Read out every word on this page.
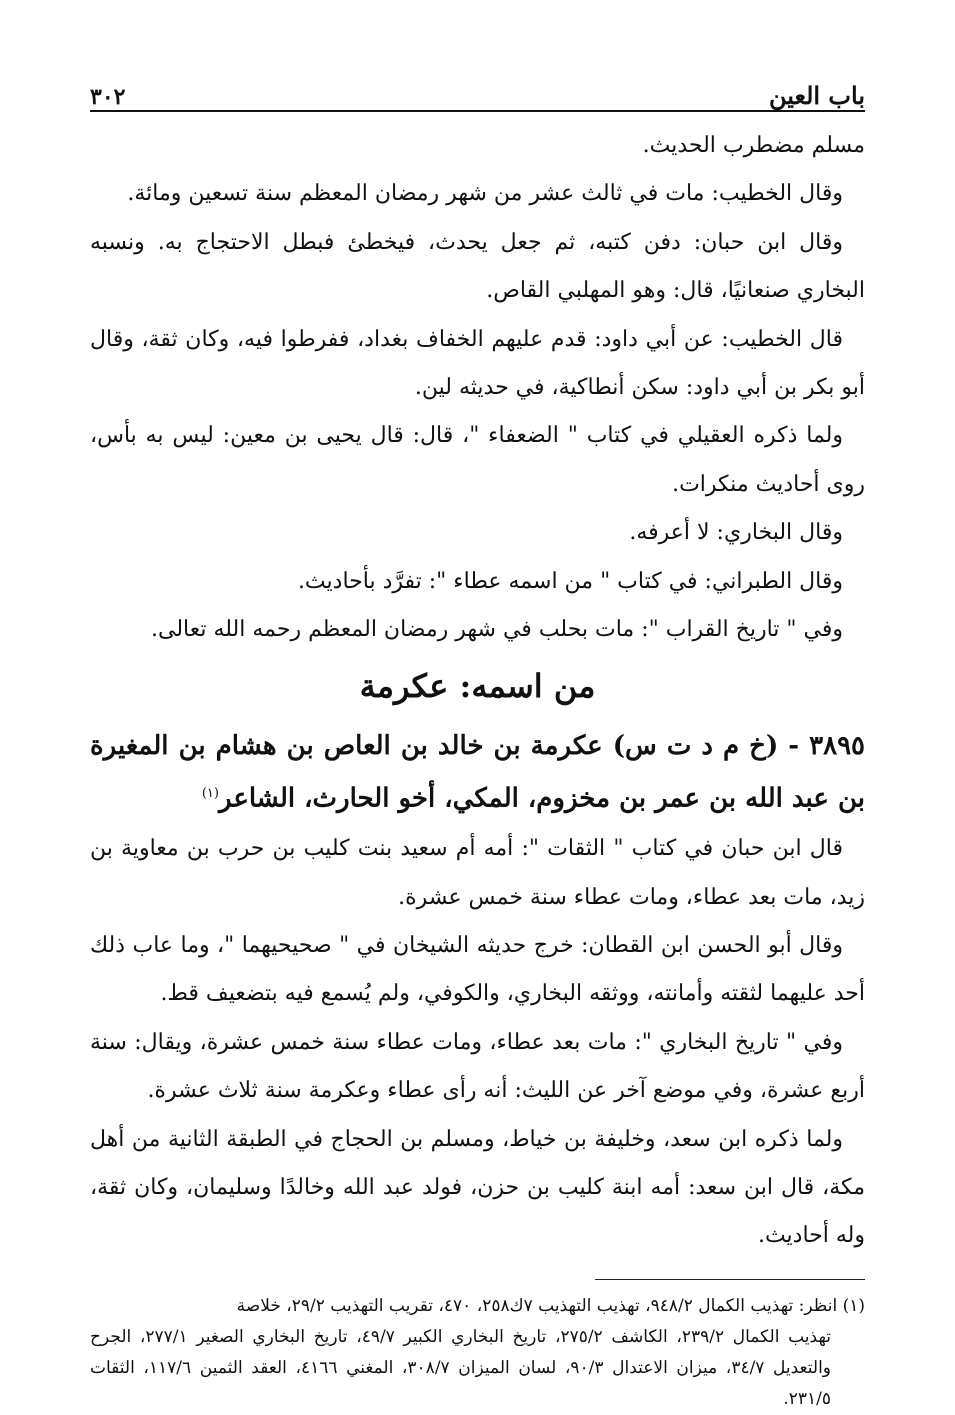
باب العين
٣٠٢

مسلم مضطرب الحديث.

وقال الخطيب: مات في ثالث عشر من شهر رمضان المعظم سنة تسعين ومائة.

وقال ابن حبان: دفن كتبه، ثم جعل يحدث، فيخطئ فبطل الاحتجاج به. ونسبه البخاري صنعانيًا، قال: وهو المهلبي القاص.

قال الخطيب: عن أبي داود: قدم عليهم الخفاف بغداد، ففرطوا فيه، وكان ثقة، وقال أبو بكر بن أبي داود: سكن أنطاكية، في حديثه لين.

ولما ذكره العقيلي في كتاب " الضعفاء "، قال: قال يحيى بن معين: ليس به بأس، روى أحاديث منكرات.

وقال البخاري: لا أعرفه.

وقال الطبراني: في كتاب " من اسمه عطاء ": تفرَّد بأحاديث.

وفي " تاريخ القراب ": مات بحلب في شهر رمضان المعظم رحمه الله تعالى.

من اسمه: عكرمة
٣٨٩٥ - (خ م د ت س) عكرمة بن خالد بن العاص بن هشام بن المغيرة بن عبد الله بن عمر بن مخزوم، المكي، أخو الحارث، الشاعر$^{(١)}$

قال ابن حبان في كتاب " الثقات ": أمه أم سعيد بنت كليب بن حرب بن معاوية بن زيد، مات بعد عطاء، ومات عطاء سنة خمس عشرة.

وقال أبو الحسن ابن القطان: خرج حديثه الشيخان في " صحيحيهما "، وما عاب ذلك أحد عليهما لثقته وأمانته، ووثقه البخاري، والكوفي، ولم يُسمع فيه بتضعيف قط.

وفي " تاريخ البخاري ": مات بعد عطاء، ومات عطاء سنة خمس عشرة، ويقال: سنة أربع عشرة، وفي موضع آخر عن الليث: أنه رأى عطاء وعكرمة سنة ثلاث عشرة.

ولما ذكره ابن سعد، وخليفة بن خياط، ومسلم بن الحجاج في الطبقة الثانية من أهل مكة، قال ابن سعد: أمه ابنة كليب بن حزن، فولد عبد الله وخالدًا وسليمان، وكان ثقة، وله أحاديث.

(١) انظر: تهذيب الكمال ٩٤٨/٢، تهذيب التهذيب ٧ك٢٥٨، ٤٧٠، تقريب التهذيب ٢٩/٢، خلاصة
تهذيب الكمال ٢٣٩/٢، الكاشف ٢٧٥/٢، تاريخ البخاري الكبير ٤٩/٧، تاريخ البخاري الصغير ٢٧٧/١، الجرح والتعديل ٣٤/٧، ميزان الاعتدال ٩٠/٣، لسان الميزان ٣٠٨/٧، المغني ٤١٦٦، العقد الثمين ١١٧/٦، الثقات ٢٣١/٥.
